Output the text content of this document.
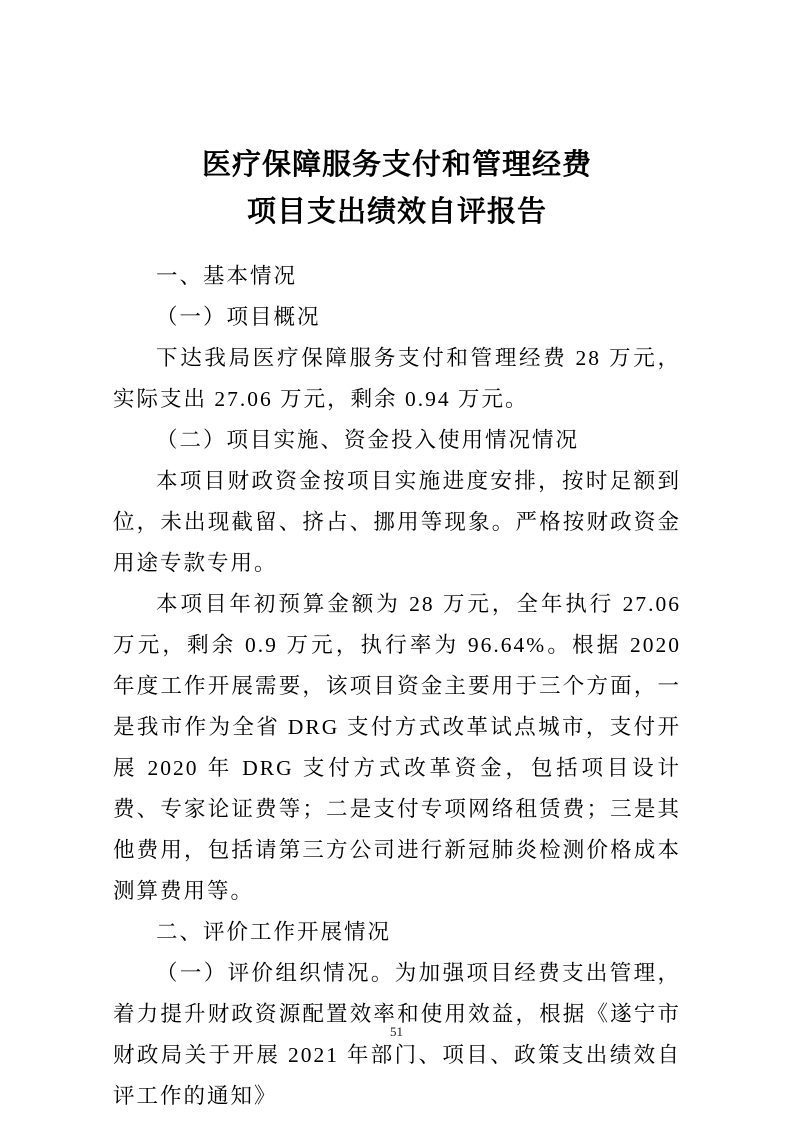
医疗保障服务支付和管理经费
项目支出绩效自评报告

一、基本情况

（一）项目概况

下达我局医疗保障服务支付和管理经费 28 万元，实际支出 27.06 万元，剩余 0.94 万元。

（二）项目实施、资金投入使用情况情况

本项目财政资金按项目实施进度安排，按时足额到位，未出现截留、挤占、挪用等现象。严格按财政资金用途专款专用。

本项目年初预算金额为 28 万元，全年执行 27.06 万元，剩余 0.9 万元，执行率为 96.64%。根据 2020 年度工作开展需要，该项目资金主要用于三个方面，一是我市作为全省 DRG 支付方式改革试点城市，支付开展 2020 年 DRG 支付方式改革资金，包括项目设计费、专家论证费等；二是支付专项网络租赁费；三是其他费用，包括请第三方公司进行新冠肺炎检测价格成本测算费用等。

二、评价工作开展情况

（一）评价组织情况。为加强项目经费支出管理，着力提升财政资源配置效率和使用效益，根据《遂宁市财政局关于开展 2021 年部门、项目、政策支出绩效自评工作的通知》

51
